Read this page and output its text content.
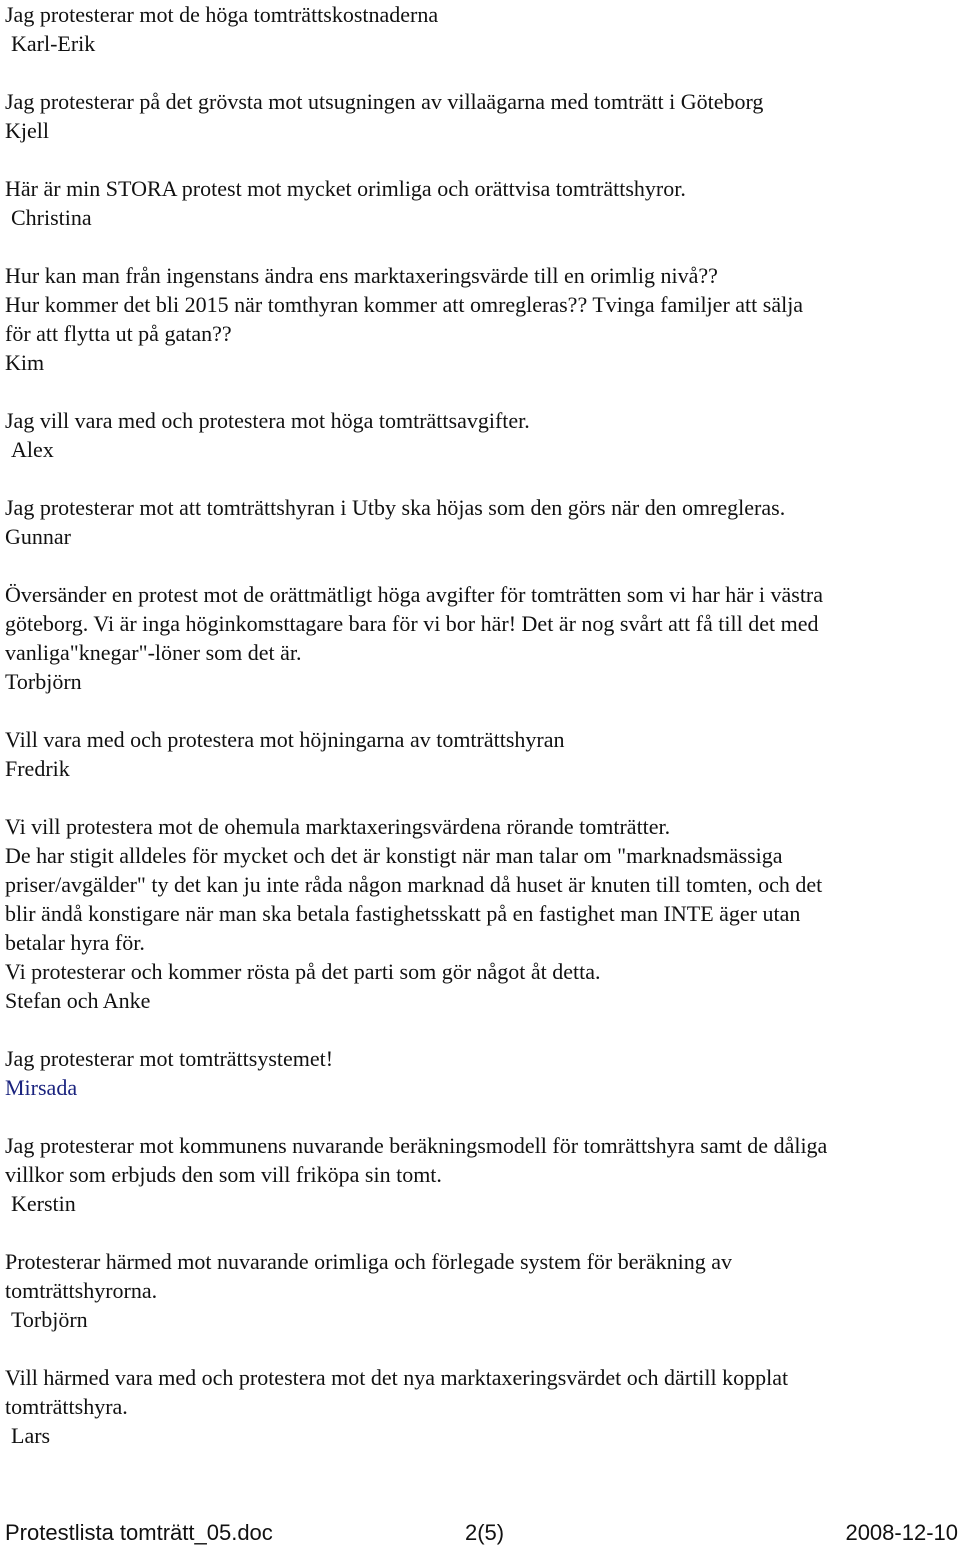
Jag protesterar mot de höga tomträttskostnaderna
Karl-Erik
Jag protesterar på det grövsta mot utsugningen av villaägarna med tomträtt i Göteborg
Kjell
Här är min STORA protest mot mycket orimliga och orättvisa tomträttshyror.
Christina
Hur kan man från ingenstans ändra ens marktaxeringsvärde till en orimlig nivå??
Hur kommer det bli 2015 när tomthyran kommer att omregleras?? Tvinga familjer att sälja
för att flytta ut på gatan??
Kim
Jag vill vara med och protestera mot höga tomträttsavgifter.
Alex
Jag protesterar mot att tomträttshyran i Utby ska höjas som den görs när den omregleras.
Gunnar
Översänder en protest mot de orättmätligt höga avgifter för tomträtten som vi har här i västra
göteborg. Vi är inga höginkomsttagare bara för vi bor här! Det är nog svårt att få till det med
vanliga"knegar"-löner som det är.
Torbjörn
Vill vara med och protestera mot höjningarna av tomträttshyran
Fredrik
Vi vill protestera mot de ohemula marktaxeringsvärdena rörande tomträtter.
De har stigit alldeles för mycket och det är konstigt när man talar om "marknadsmässiga
priser/avgälder" ty det kan ju inte råda någon marknad då huset är knuten till tomten, och det
blir ändå konstigare när man ska betala fastighetsskatt på en fastighet man INTE äger utan
betalar hyra för.
Vi protesterar och kommer rösta på det parti som gör något åt detta.
Stefan och Anke
Jag protesterar mot tomträttsystemet!
Mirsada
Jag protesterar mot kommunens nuvarande beräkningsmodell för tomrättshyra samt de dåliga
villkor som erbjuds den som vill friköpa sin tomt.
Kerstin
Protesterar härmed mot nuvarande orimliga och förlegade system för beräkning av
tomträttshyrorna.
Torbjörn
Vill härmed vara med och protestera mot det nya marktaxeringsvärdet och därtill kopplat
tomträttshyra.
Lars
Protestlista tomträtt_05.doc	2(5)	2008-12-10
